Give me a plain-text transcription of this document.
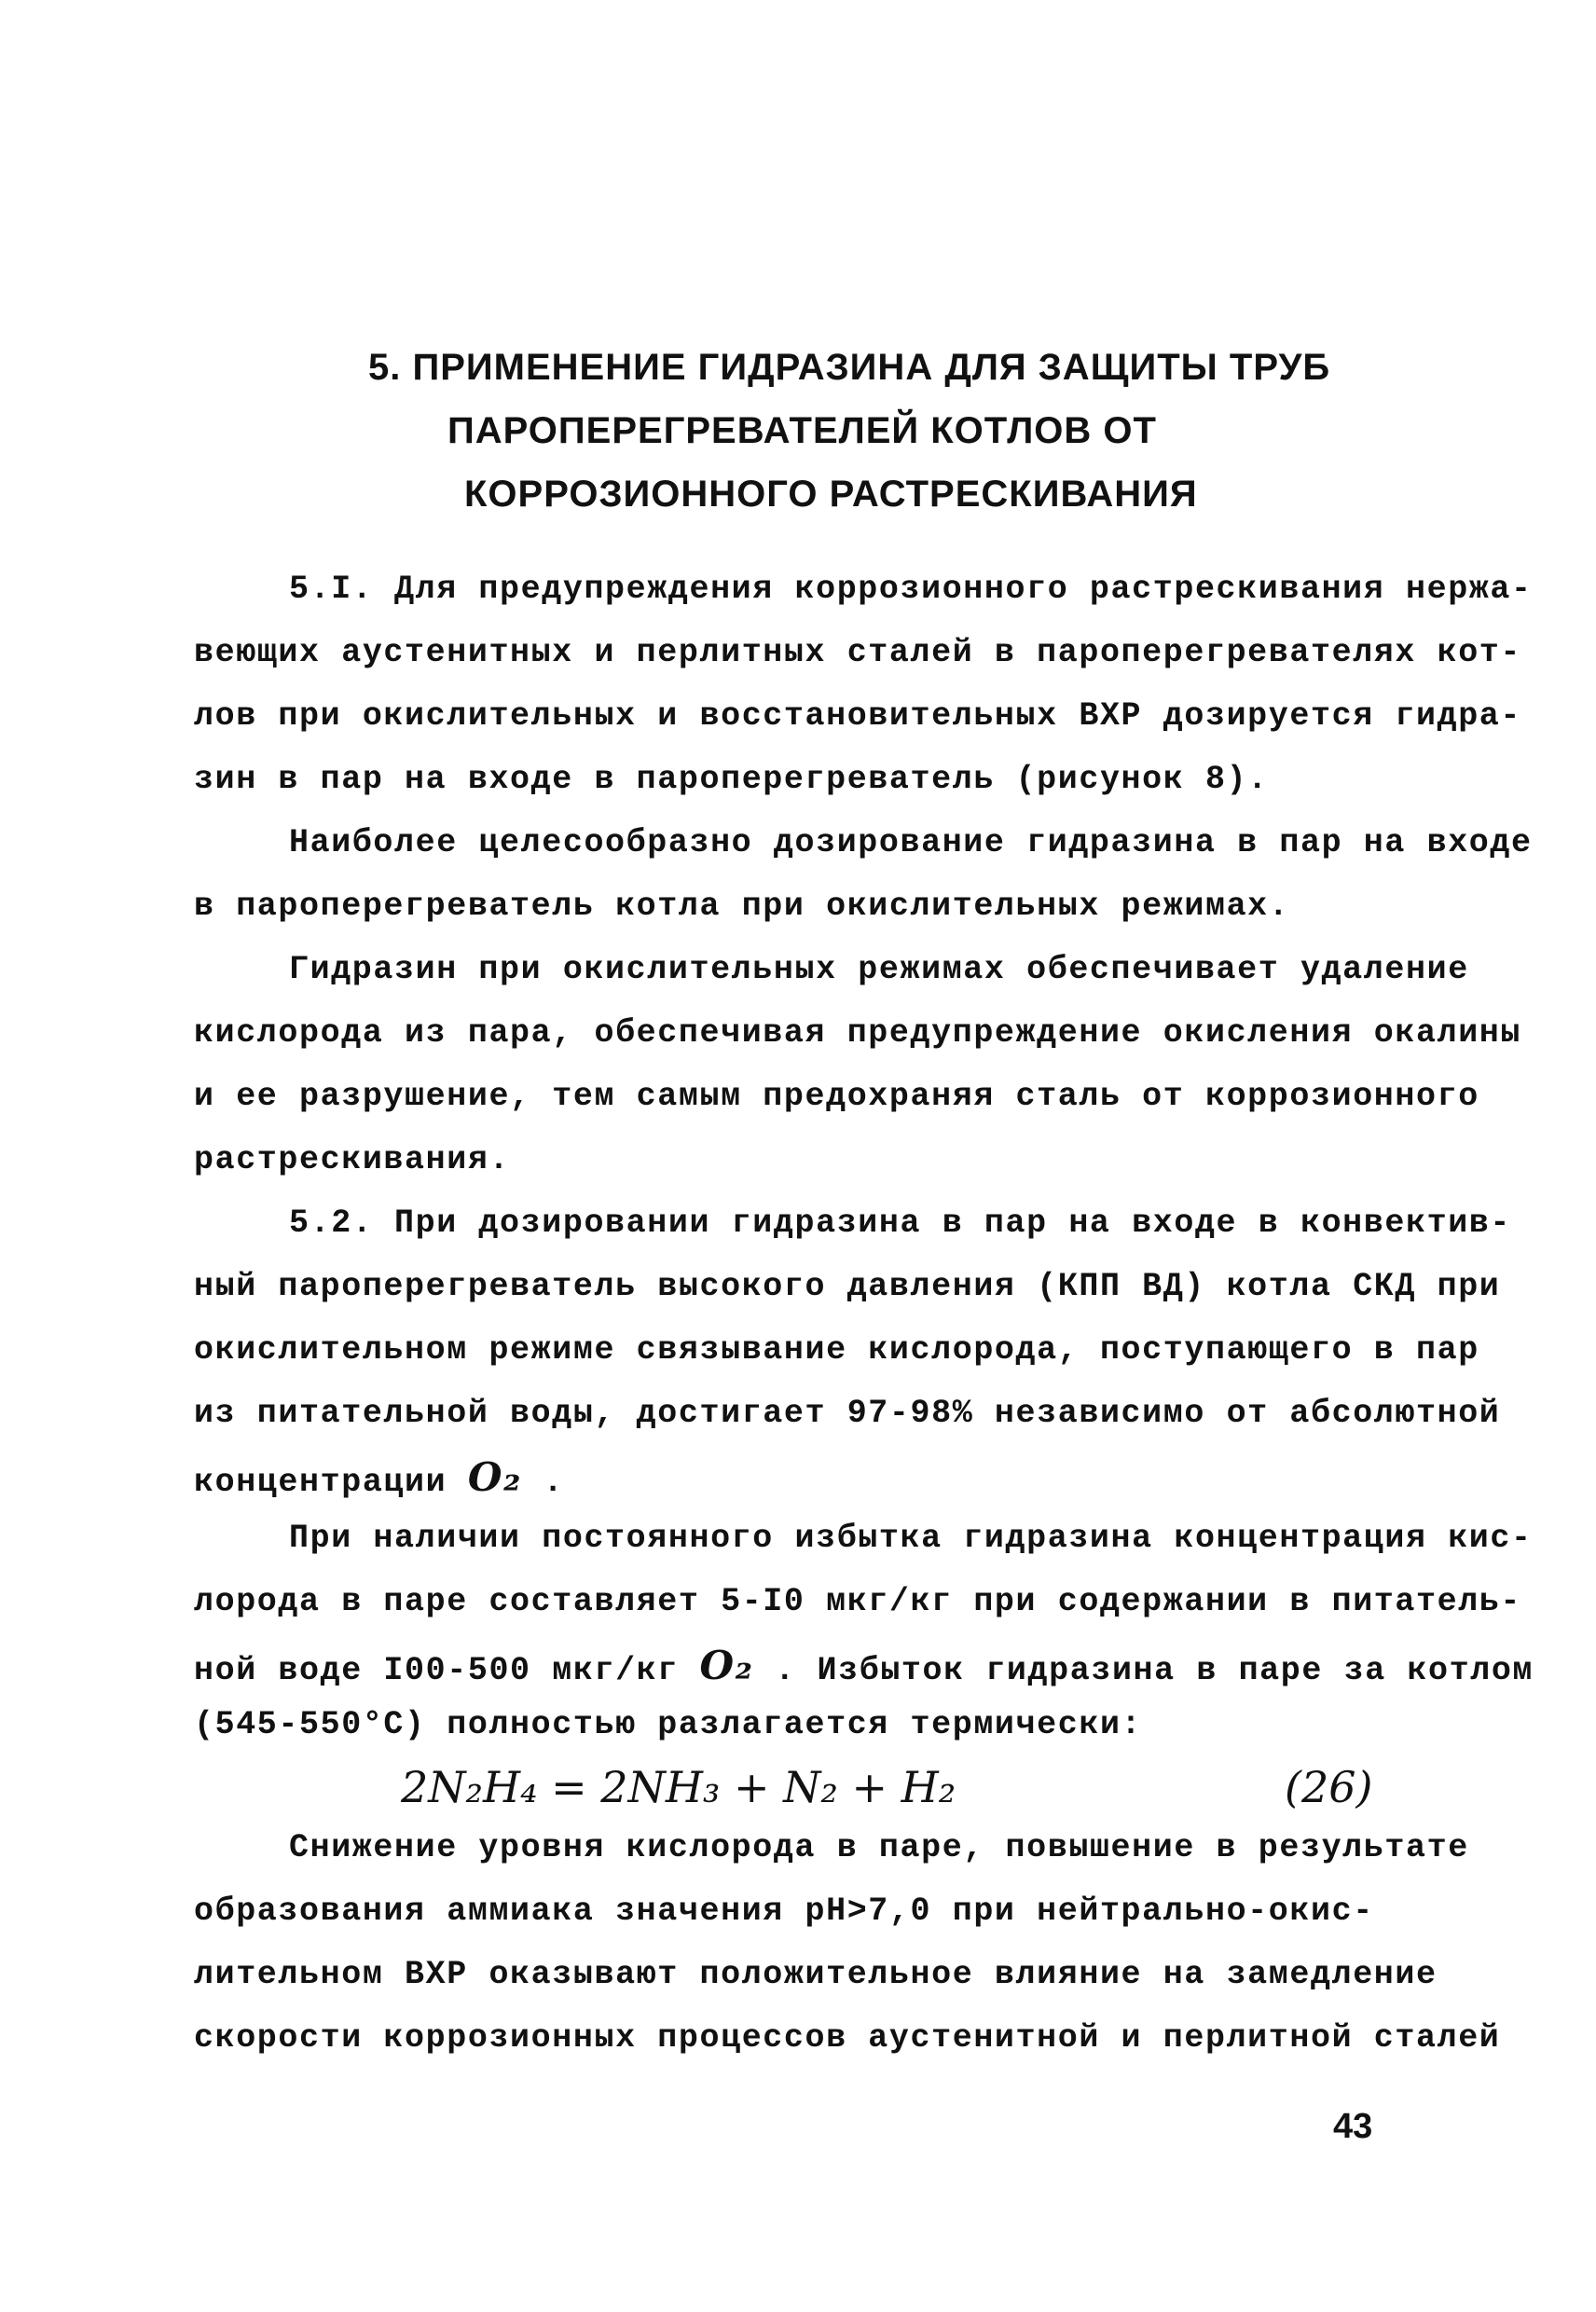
5. ПРИМЕНЕНИЕ ГИДРАЗИНА ДЛЯ ЗАЩИТЫ ТРУБ
ПАРОПЕРЕГРЕВАТЕЛЕЙ КОТЛОВ ОТ
КОРРОЗИОННОГО РАСТРЕСКИВАНИЯ
5.I. Для предупреждения коррозионного растрескивания нержа-
веющих аустенитных и перлитных сталей в пароперегревателях кот-
лов при окислительных и восстановительных ВХР дозируется гидра-
зин в пар на входе в пароперегреватель (рисунок 8).
Наиболее целесообразно дозирование гидразина в пар на входе
в пароперегреватель котла при окислительных режимах.
Гидразин при окислительных режимах обеспечивает удаление
кислорода из пара, обеспечивая предупреждение окисления окалины
и ее разрушение, тем самым предохраняя сталь от коррозионного
растрескивания.
5.2. При дозировании гидразина в пар на входе в конвектив-
ный пароперегреватель высокого давления (КПП ВД) котла СКД при
окислительном режиме связывание кислорода, поступающего в пар
из питательной воды, достигает 97-98% независимо от абсолютной
концентрации O₂ .
При наличии постоянного избытка гидразина концентрация кис-
лорода в паре составляет 5-I0 мкг/кг при содержании в питатель-
ной воде I00-500 мкг/кг O₂ . Избыток гидразина в паре за котлом
(545-550°С) полностью разлагается термически:
2N₂H₄ = 2NH₃ + N₂ + H₂	(26)
Снижение уровня кислорода в паре, повышение в результате
образования аммиака значения pH>7,0 при нейтрально-окис-
лительном ВХР оказывают положительное влияние на замедление
скорости коррозионных процессов аустенитной и перлитной сталей
43
